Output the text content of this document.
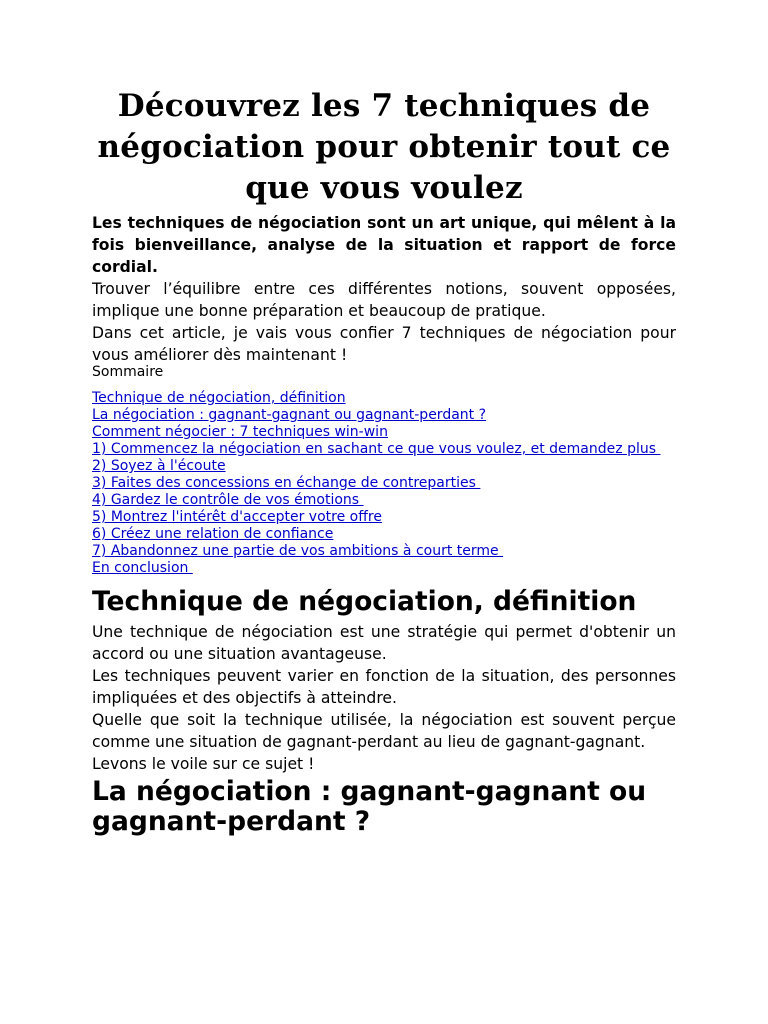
Découvrez les 7 techniques de négociation pour obtenir tout ce que vous voulez

Les techniques de négociation sont un art unique, qui mêlent à la fois bienveillance, analyse de la situation et rapport de force cordial.

Trouver l’équilibre entre ces différentes notions, souvent opposées, implique une bonne préparation et beaucoup de pratique.

Dans cet article, je vais vous confier 7 techniques de négociation pour vous améliorer dès maintenant !

Sommaire

Technique de négociation, définition
La négociation : gagnant-gagnant ou gagnant-perdant ?
Comment négocier : 7 techniques win-win
1) Commencez la négociation en sachant ce que vous voulez, et demandez plus
2) Soyez à l'écoute
3) Faites des concessions en échange de contreparties
4) Gardez le contrôle de vos émotions
5) Montrez l'intérêt d'accepter votre offre
6) Créez une relation de confiance
7) Abandonnez une partie de vos ambitions à court terme
En conclusion
Technique de négociation, définition

Une technique de négociation est une stratégie qui permet d'obtenir un accord ou une situation avantageuse.

Les techniques peuvent varier en fonction de la situation, des personnes impliquées et des objectifs à atteindre.

Quelle que soit la technique utilisée, la négociation est souvent perçue comme une situation de gagnant-perdant au lieu de gagnant-gagnant.

Levons le voile sur ce sujet !

La négociation : gagnant-gagnant ou gagnant-perdant ?
